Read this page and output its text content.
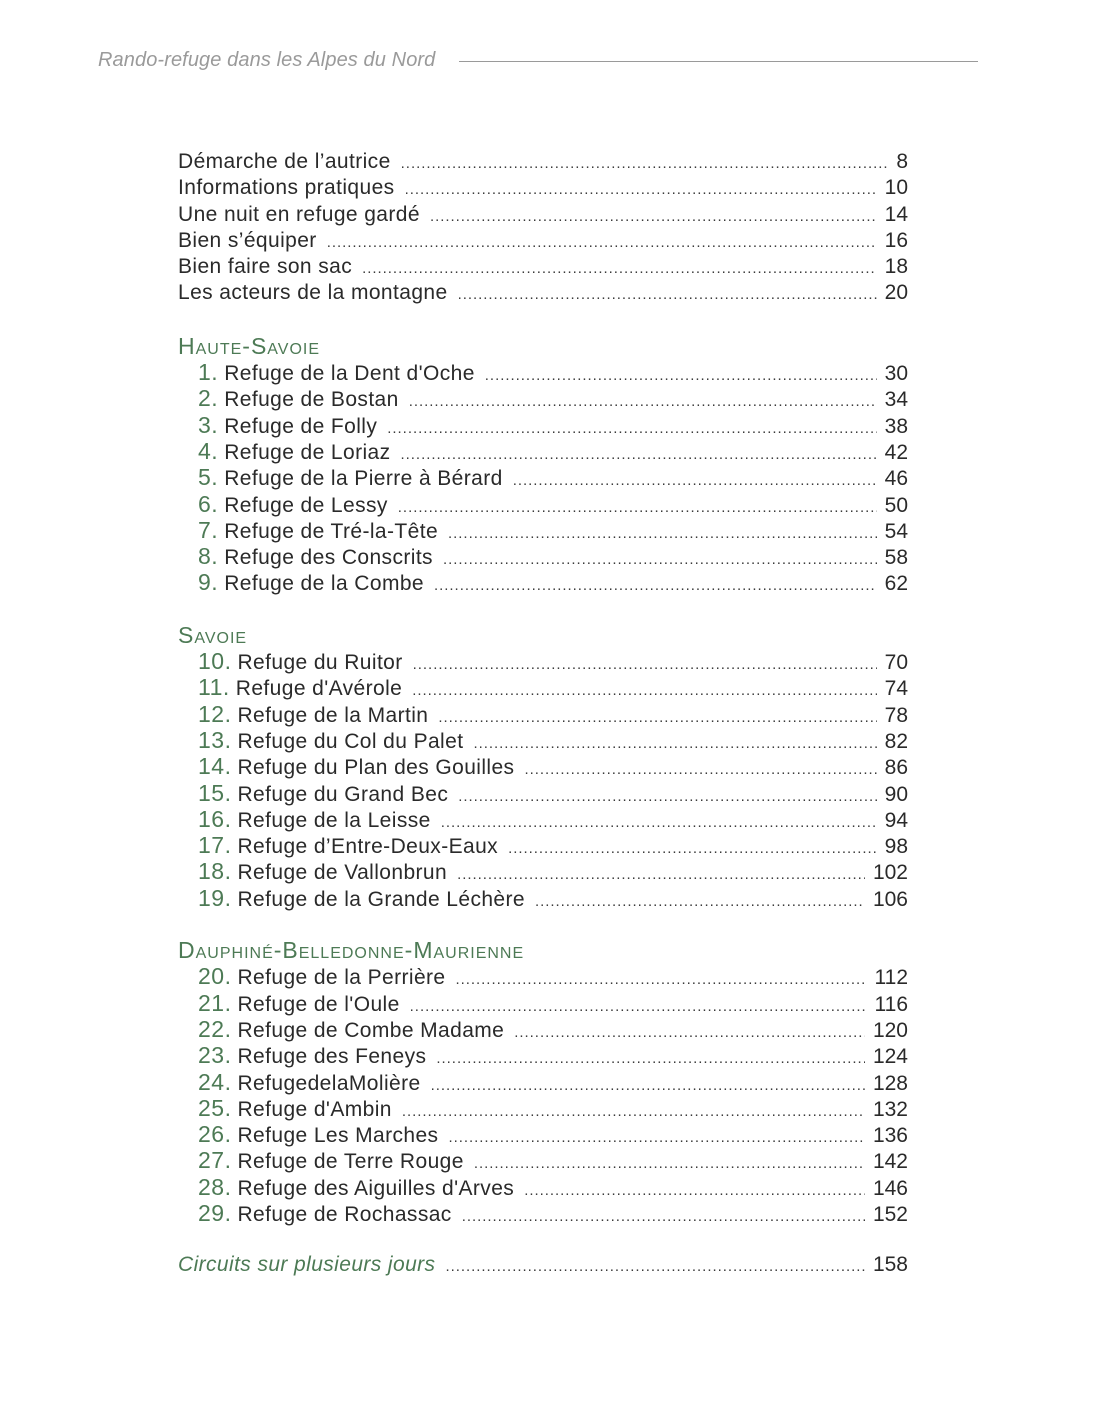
Rando-refuge dans les Alpes du Nord
Démarche de l’autrice . . .	8
Informations pratiques . . .	10
Une nuit en refuge gardé . . .	14
Bien s’équiper . . .	16
Bien faire son sac . . .	18
Les acteurs de la montagne . . .	20
Haute-Savoie
1. Refuge de la Dent d'Oche . . .	30
2. Refuge de Bostan . . .	34
3. Refuge de Folly . . .	38
4. Refuge de Loriaz . . .	42
5. Refuge de la Pierre à Bérard . . .	46
6. Refuge de Lessy . . .	50
7. Refuge de Tré-la-Tête . . .	54
8. Refuge des Conscrits . . .	58
9. Refuge de la Combe . . .	62
Savoie
10. Refuge du Ruitor . . .	70
11. Refuge d'Avérole . . .	74
12. Refuge de la Martin . . .	78
13. Refuge du Col du Palet . . .	82
14. Refuge du Plan des Gouilles . . .	86
15. Refuge du Grand Bec . . .	90
16. Refuge de la Leisse . . .	94
17. Refuge d’Entre-Deux-Eaux . . .	98
18. Refuge de Vallonbrun . . .	102
19. Refuge de la Grande Léchère . . .	106
Dauphiné-Belledonne-Maurienne
20. Refuge de la Perrière . . .	112
21. Refuge de l'Oule . . .	116
22. Refuge de Combe Madame . . .	120
23. Refuge des Feneys . . .	124
24. RefugedelaMolière . . .	128
25. Refuge d'Ambin . . .	132
26. Refuge Les Marches . . .	136
27. Refuge de Terre Rouge . . .	142
28. Refuge des Aiguilles d'Arves . . .	146
29. Refuge de Rochassac . . .	152
Circuits sur plusieurs jours . . .	158
